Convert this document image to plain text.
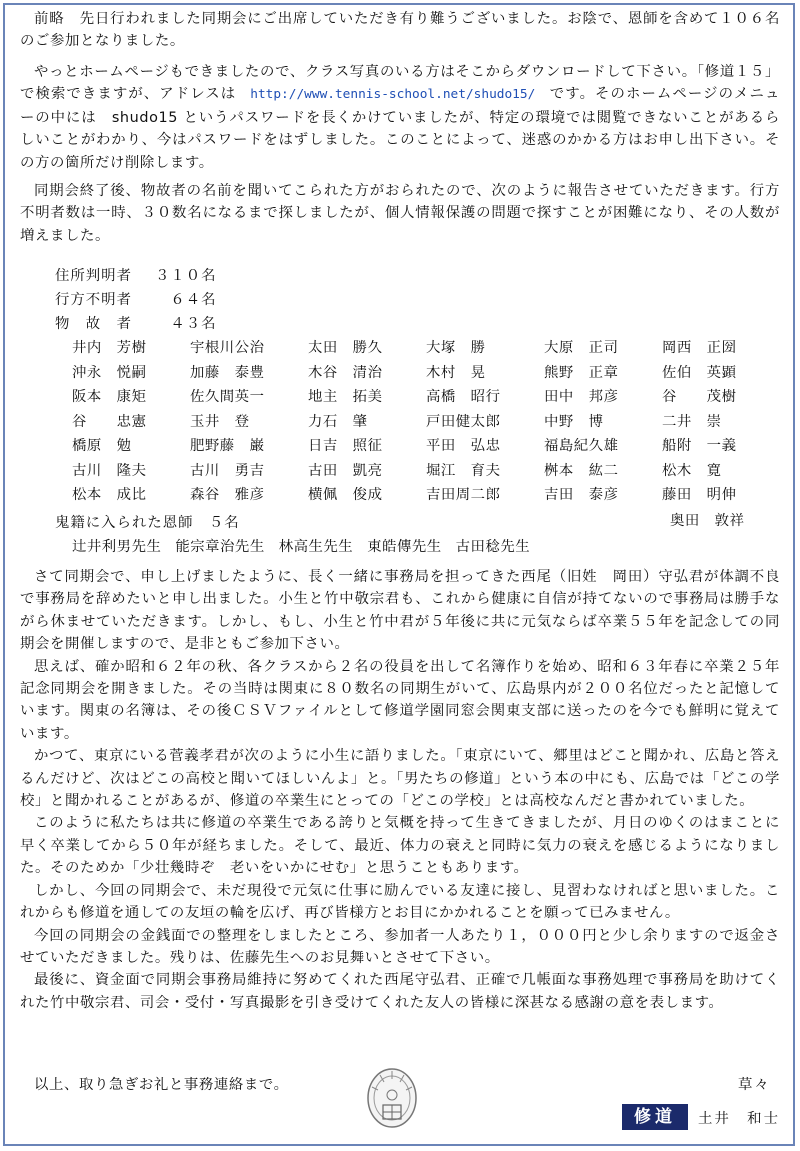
前略　先日行われました同期会にご出席していただき有り難うございました。お陰で、恩師を含めて１０６名のご参加となりました。
やっとホームページもできましたので、クラス写真のいる方はそこからダウンロードして下さい。「修道１５」で検索できますが、アドレスは http://www.tennis-school.net/shudo15/ です。そのホームページのメニューの中には　shudo15 というパスワードを長くかけていましたが、特定の環境では閲覧できないことがあるらしいことがわかり、今はパスワードをはずしました。このことによって、迷惑のかかる方はお申し出下さい。その方の箇所だけ削除します。
同期会終了後、物故者の名前を聞いてこられた方がおられたので、次のように報告させていただきます。行方不明者数は一時、３０数名になるまで探しましたが、個人情報保護の問題で探すことが困難になり、その人数が増えました。
住所判明者 ３１０名
行方不明者　６４名
物　故　者　４３名
井内　芳樹	宇根川公治	太田　勝久	大塚　勝	大原　正司	岡西　正圀
沖永　悦嗣	加藤　泰豊	木谷　清治	木村　晃	熊野　正章	佐伯　英顕
阪本　康矩	佐久間英一	地主　拓美	高橋　昭行	田中　邦彦	谷　　茂樹
谷　　忠憲	玉井　登	力石　肇	戸田健太郎	中野　博	二井　崇
橋原　勉	肥野藤　巌	日吉　照征	平田　弘忠	福島紀久雄	船附　一義
古川　隆夫	古川　勇吉	古田　凱亮	堀江　育夫	桝本　紘二	松木　寛
松本　成比	森谷　雅彦	横佩　俊成	吉田周二郎	吉田　泰彦	藤田　明伸
奥田　敦祥
鬼籍に入られた恩師　５名
辻井利男先生 能宗章治先生 林高生先生 東皓傳先生 古田稔先生

さて同期会で、申し上げましたように、長く一緒に事務局を担ってきた西尾（旧姓　岡田）守弘君が体調不良で事務局を辞めたいと申し出ました。小生と竹中敬宗君も、これから健康に自信が持てないので事務局は勝手ながら休ませていただきます。しかし、もし、小生と竹中君が５年後に共に元気ならば卒業５５年を記念しての同期会を開催しますので、是非ともご参加下さい。

思えば、確か昭和６２年の秋、各クラスから２名の役員を出して名簿作りを始め、昭和６３年春に卒業２５年記念同期会を開きました。その当時は関東に８０数名の同期生がいて、広島県内が２００名位だったと記憶しています。関東の名簿は、その後ＣＳＶファイルとして修道学園同窓会関東支部に送ったのを今でも鮮明に覚えています。

かつて、東京にいる菅義孝君が次のように小生に語りました。「東京にいて、郷里はどこと聞かれ、広島と答えるんだけど、次はどこの高校と聞いてほしいんよ」と。「男たちの修道」という本の中にも、広島では「どこの学校」と聞かれることがあるが、修道の卒業生にとっての「どこの学校」とは高校なんだと書かれていました。

このように私たちは共に修道の卒業生である誇りと気概を持って生きてきましたが、月日のゆくのはまことに早く卒業してから５０年が経ちました。そして、最近、体力の衰えと同時に気力の衰えを感じるようになりました。そのためか「少壮幾時ぞ　老いをいかにせむ」と思うこともあります。

しかし、今回の同期会で、未だ現役で元気に仕事に励んでいる友達に接し、見習わなければと思いました。これからも修道を通しての友垣の輪を広げ、再び皆様方とお目にかかれることを願って已みません。

今回の同期会の金銭面での整理をしましたところ、参加者一人あたり１，０００円と少し余りますので返金させていただきました。残りは、佐藤先生へのお見舞いとさせて下さい。

最後に、資金面で同期会事務局維持に努めてくれた西尾守弘君、正確で几帳面な事務処理で事務局を助けてくれた竹中敬宗君、司会・受付・写真撮影を引き受けてくれた友人の皆様に深甚なる感謝の意を表します。

以上、取り急ぎお礼と事務連絡まで。	草々
修道	土井　和士
